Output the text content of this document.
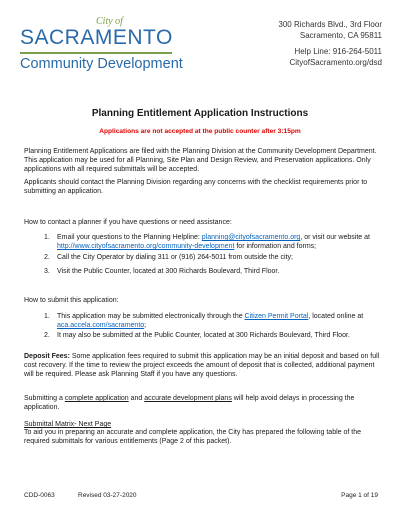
City of
SACRAMENTO
Community Development
300 Richards Blvd., 3rd Floor
Sacramento, CA 95811
Help Line: 916-264-5011
CityofSacramento.org/dsd
Planning Entitlement Application Instructions
Applications are not accepted at the public counter after 3:15pm
Planning Entitlement Applications are filed with the Planning Division at the Community Development Department. This application may be used for all Planning, Site Plan and Design Review, and Preservation applications. Only applications with all required submittals will be accepted.
Applicants should contact the Planning Division regarding any concerns with the checklist requirements prior to submitting an application.
How to contact a planner if you have questions or need assistance:
1. Email your questions to the Planning Helpline: planning@cityofsacramento.org, or visit our website at http://www.cityofsacramento.org/community-development for information and forms;
2. Call the City Operator by dialing 311 or (916) 264-5011 from outside the city;
3. Visit the Public Counter, located at 300 Richards Boulevard, Third Floor.
How to submit this application:
1. This application may be submitted electronically through the Citizen Permit Portal, located online at aca.accela.com/sacramento;
2. It may also be submitted at the Public Counter, located at 300 Richards Boulevard, Third Floor.
Deposit Fees: Some application fees required to submit this application may be an initial deposit and based on full cost recovery. If the time to review the project exceeds the amount of deposit that is collected, additional payment will be required. Please ask Planning Staff if you have any questions.
Submitting a complete application and accurate development plans will help avoid delays in processing the application.
Submittal Matrix- Next Page
To aid you in preparing an accurate and complete application, the City has prepared the following table of the required submittals for various entitlements (Page 2 of this packet).
CDD-0063	Revised 03-27-2020	Page 1 of 19
